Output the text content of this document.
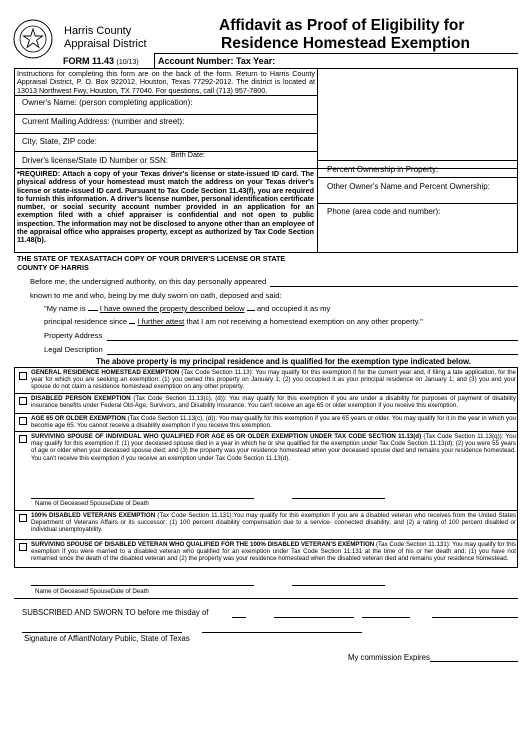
Harris County
Appraisal District
Affidavit as Proof of Eligibility for
Residence Homestead Exemption
FORM 11.43 (10/13) Account Number: Tax Year:
Instructions for completing this form are on the back of the form. Return to Harris County Appraisal District, P. O. Box 922012, Houston, Texas 77292-2012. The district is located at 13013 Northwest Fwy, Houston, TX 77040. For questions, call (713) 957-7800.
Owner's Name: (person completing application):
Current Mailing Address: (number and street):
City, State, ZIP code:
Birth Date:
Driver's license/State ID Number or SSN:
Percent Ownership in Property:
Other Owner's Name and Percent Ownership:
Phone (area code and number):
*REQUIRED: Attach a copy of your Texas driver's license or state-issued ID card. The physical address of your homestead must match the address on your Texas driver's license or state-issued ID card. Pursuant to Tax Code Section 11.43(f), you are required to furnish this information. A driver's license number, personal identification certificate number, or social security account number provided in an application for an exemption filed with a chief appraiser is confidential and not open to public inspection. The information may not be disclosed to anyone other than an employee of the appraisal office who appraises property, except as authorized by Tax Code Section 11.48(b).
THE STATE OF TEXASATTACH COPY OF YOUR DRIVER'S LICENSE OR STATE
COUNTY OF HARRIS
Before me, the undersigned authority, on this day personally appeared
known to me and who, being by me duly sworn on oath, deposed and said:
"My name is I have owned the property described below and occupied it as my
principal residence since I further attest that I am not receiving a homestead exemption on any other property."
Property Address
Legal Description
The above property is my principal residence and is qualified for the exemption type indicated below.
GENERAL RESIDENCE HOMESTEAD EXEMPTION (Tax Code Section 11.13): You may qualify for this exemption if for the current year and, if filing a late application, for the year for which you are seeking an exemption: (1) you owned this property on January 1; (2) you occupied it as your principal residence on January 1; and (3) you and your spouse do not claim a residence homestead exemption on any other property.
DISABLED PERSON EXEMPTION (Tax Code Section 11.13(c), (d)): You may qualify for this exemption if you are under a disability for purposes of payment of disability insurance benefits under Federal Old-Age, Survivors, and Disability Insurance. You can't receive an age 65 or older exemption if you receive this exemption.
AGE 65 OR OLDER EXEMPTION (Tax Code Section 11.13(c), (d)): You may qualify for this exemption if you are 65 years or older. You may qualify for it in the year in which you become age 65. You cannot receive a disability exemption if you receive this exemption.
SURVIVING SPOUSE OF INDIVIDUAL WHO QUALIFIED FOR AGE 65 OR OLDER EXEMPTION UNDER TAX CODE SECTION 11.13(d) (Tax Code Section 11.13(q)): You may qualify for this exemption if: (1) your deceased spouse died in a year in which he or she qualified for the exemption under Tax Code Section 11.13(d); (2) you were 55 years of age or older when your deceased spouse died; and (3) the property was your residence homestead when your deceased spouse died and remains your residence homestead. You can't receive this exemption if you receive an exemption under Tax Code Section 11.13(d).
Name of Deceased SpouseDate of Death
100% DISABLED VETERANS EXEMPTION (Tax Code Section 11.131):You may qualify for this exemption if you are a disabled veteran who receives from the United States Department of Veterans Affairs or its successor: (1) 100 percent disability compensation due to a service- connected disability; and (2) a rating of 100 percent disabled or individual unemployability.
SURVIVING SPOUSE OF DISABLED VETERAN WHO QUALIFIED FOR THE 100% DISABLED VETERAN'S EXEMPTION (Tax Code Section 11.131): You may qualify for this exemption if you were married to a disabled veteran who qualified for an exemption under Tax Code Section 11.131 at the time of his or her death and: (1) you have not remarried since the death of the disabled veteran and (2) the property was your residence homestead when the disabled veteran died and remains your residence homestead.
Name of Deceased SpouseDate of Death
SUBSCRIBED AND SWORN TO before me thisday of
Signature of AffiantNotary Public, State of Texas
My commission Expires
